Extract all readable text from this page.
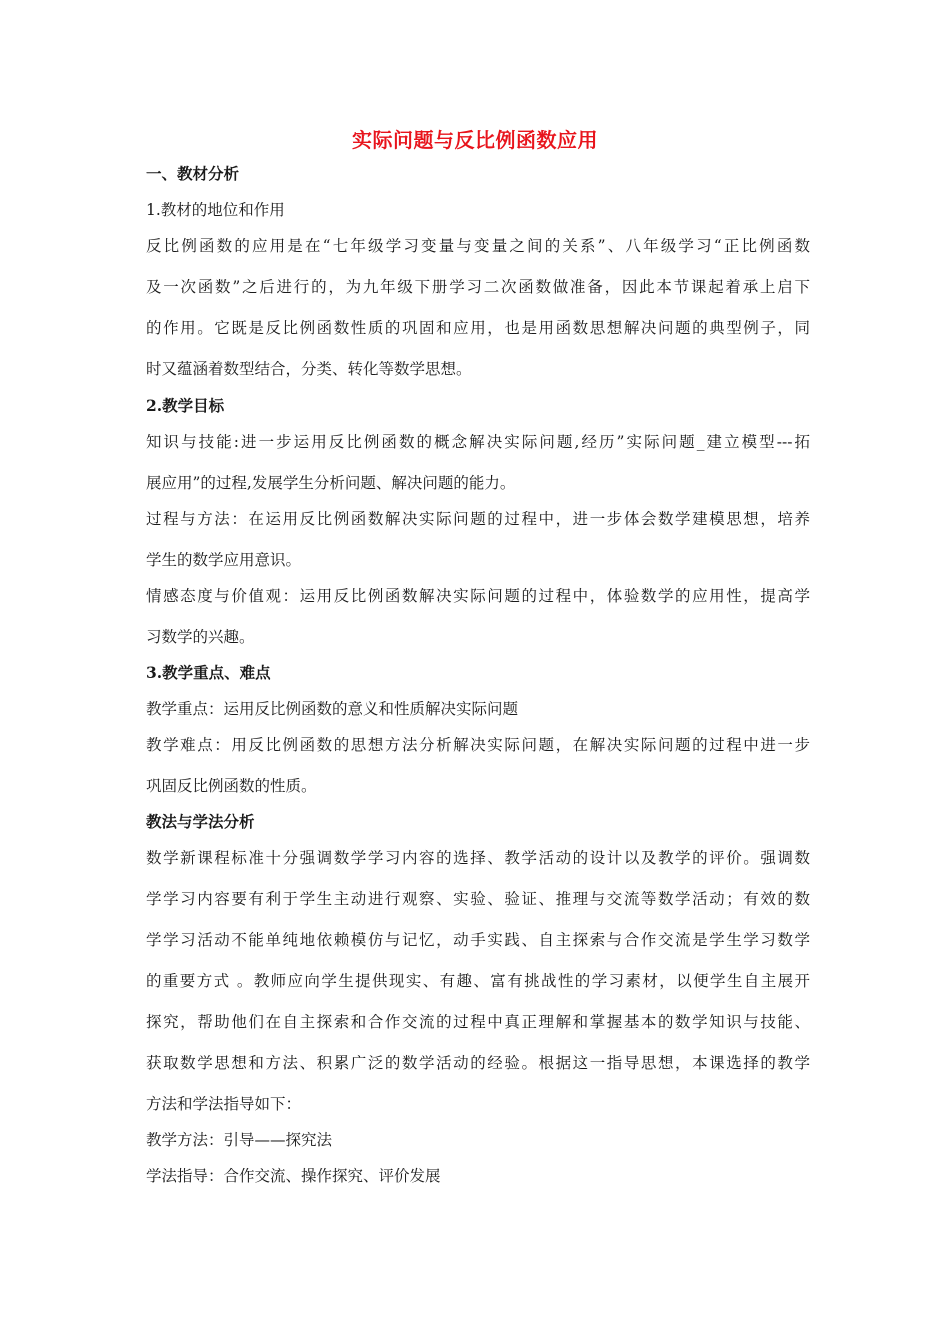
实际问题与反比例函数应用
一、教材分析
1.教材的地位和作用
反比例函数的应用是在“七年级学习变量与变量之间的关系”、八年级学习“正比例函数
及一次函数”之后进行的，为九年级下册学习二次函数做准备，因此本节课起着承上启下
的作用。它既是反比例函数性质的巩固和应用，也是用函数思想解决问题的典型例子，同
时又蕴涵着数型结合，分类、转化等数学思想。
2.教学目标
知识与技能:进一步运用反比例函数的概念解决实际问题,经历”实际问题_建立模型---拓
展应用”的过程,发展学生分析问题、解决问题的能力。
过程与方法：在运用反比例函数解决实际问题的过程中，进一步体会数学建模思想，培养
学生的数学应用意识。
情感态度与价值观：运用反比例函数解决实际问题的过程中，体验数学的应用性，提高学
习数学的兴趣。
3.教学重点、难点
教学重点：运用反比例函数的意义和性质解决实际问题
教学难点：用反比例函数的思想方法分析解决实际问题，在解决实际问题的过程中进一步
巩固反比例函数的性质。
教法与学法分析
数学新课程标准十分强调数学学习内容的选择、教学活动的设计以及教学的评价。强调数
学学习内容要有利于学生主动进行观察、实验、验证、推理与交流等数学活动；有效的数
学学习活动不能单纯地依赖模仿与记忆，动手实践、自主探索与合作交流是学生学习数学
的重要方式 。教师应向学生提供现实、有趣、富有挑战性的学习素材，以便学生自主展开
探究，帮助他们在自主探索和合作交流的过程中真正理解和掌握基本的数学知识与技能、
获取数学思想和方法、积累广泛的数学活动的经验。根据这一指导思想，本课选择的教学
方法和学法指导如下：
教学方法：引导——探究法
学法指导：合作交流、操作探究、评价发展
